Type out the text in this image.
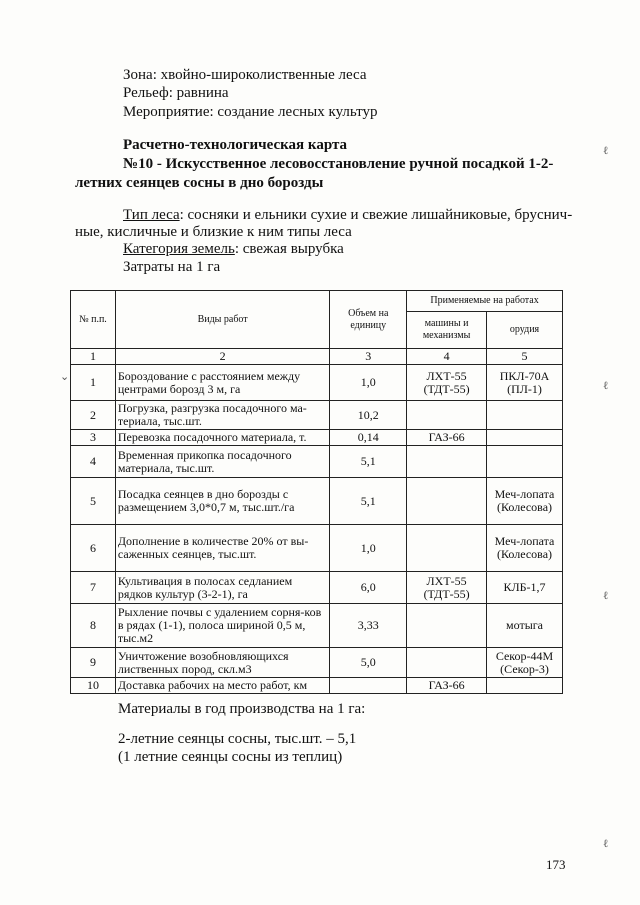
Зона: хвойно-широколиственные леса
Рельеф: равнина
Мероприятие: создание лесных культур
Расчетно-технологическая карта
№10 - Искусственное лесовосстановление ручной посадкой 1-2-
летних сеянцев сосны в дно борозды
Тип леса: сосняки и ельники сухие и свежие лишайниковые, бруснич-
ные, кисличные и близкие к ним типы леса
Категория земель: свежая вырубка
Затраты на 1 га
№ п.п.	Виды работ	Объем на единицу	Применяемые на работах	
			машины и механизмы	орудия
1	2	3	4	5
1	Бороздование с расстоянием между центрами борозд 3 м, га	1,0	ЛХТ-55 (ТДТ-55)	ПКЛ-70А (ПЛ-1)
2	Погрузка, разгрузка посадочного ма-териала, тыс.шт.	10,2		
3	Перевозка посадочного материала, т.	0,14	ГАЗ-66	
4	Временная прикопка посадочного материала, тыс.шт.	5,1		
5	Посадка сеянцев в дно борозды с размещением 3,0*0,7 м, тыс.шт./га	5,1		Меч-лопата (Колесова)
6	Дополнение в количестве 20% от вы-саженных сеянцев, тыс.шт.	1,0		Меч-лопата (Колесова)
7	Культивация в полосах седланием рядков культур (3-2-1), га	6,0	ЛХТ-55 (ТДТ-55)	КЛБ-1,7
8	Рыхление почвы с удалением сорня-ков в рядах (1-1), полоса шириной 0,5 м, тыс.м2	3,33		мотыга
9	Уничтожение возобновляющихся лиственных пород, скл.м3	5,0		Секор-44М (Секор-3)
10	Доставка рабочих на место работ, км		ГАЗ-66	
Материалы в год производства на 1 га:
2-летние сеянцы сосны, тыс.шт. – 5,1
(1 летние сеянцы сосны из теплиц)
173
ℓ
ℓ
ℓ
ℓ
⌄
